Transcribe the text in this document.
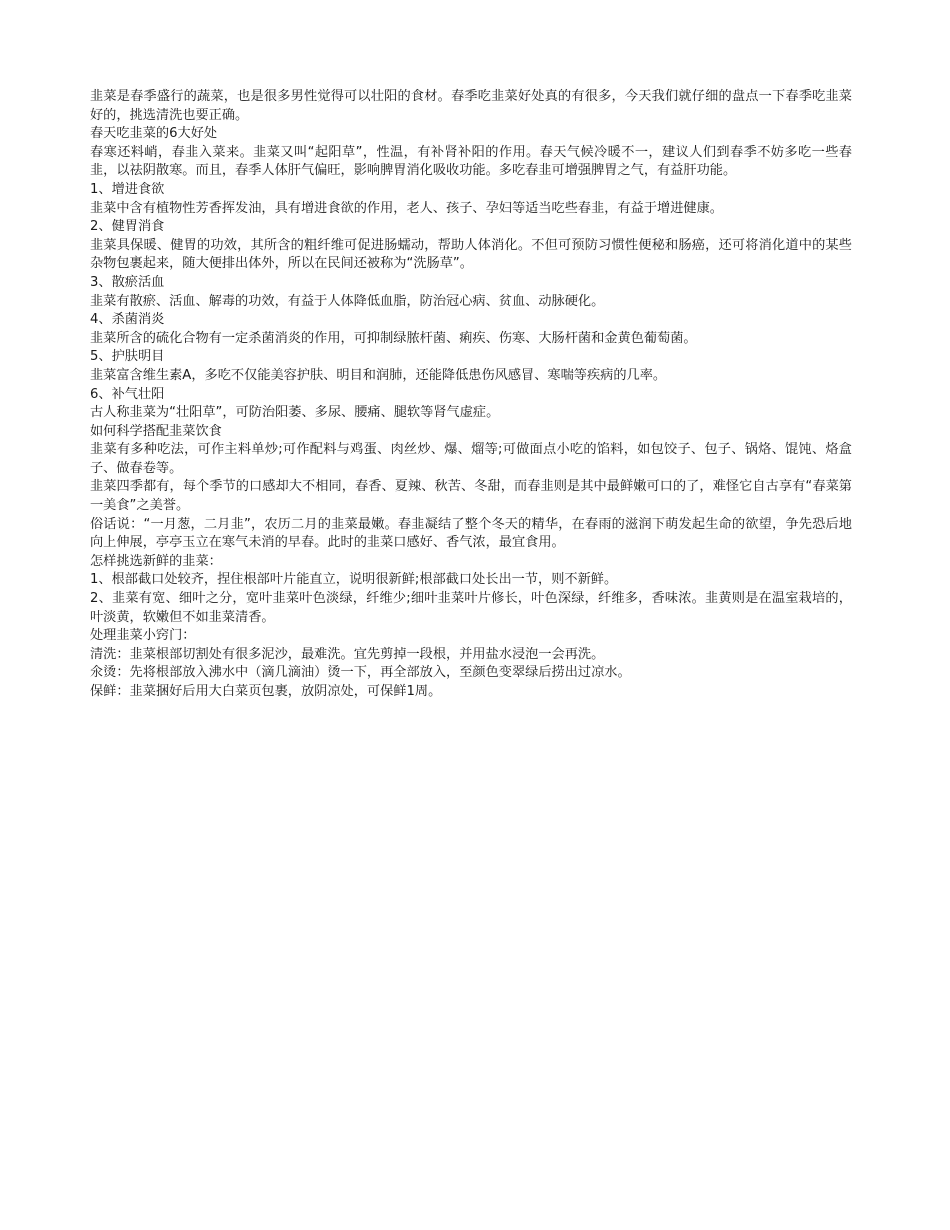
韭菜是春季盛行的蔬菜，也是很多男性觉得可以壮阳的食材。春季吃韭菜好处真的有很多，今天我们就仔细的盘点一下春季吃韭菜好的，挑选清洗也要正确。

春天吃韭菜的6大好处

春寒还料峭，春韭入菜来。韭菜又叫“起阳草”，性温，有补肾补阳的作用。春天气候冷暖不一，建议人们到春季不妨多吃一些春韭，以祛阴散寒。而且，春季人体肝气偏旺，影响脾胃消化吸收功能。多吃春韭可增强脾胃之气，有益肝功能。

1、增进食欲

韭菜中含有植物性芳香挥发油，具有增进食欲的作用，老人、孩子、孕妇等适当吃些春韭，有益于增进健康。

2、健胃消食

韭菜具保暖、健胃的功效，其所含的粗纤维可促进肠蠕动，帮助人体消化。不但可预防习惯性便秘和肠癌，还可将消化道中的某些杂物包裹起来，随大便排出体外，所以在民间还被称为“洗肠草”。

3、散瘀活血

韭菜有散瘀、活血、解毒的功效，有益于人体降低血脂，防治冠心病、贫血、动脉硬化。

4、杀菌消炎

韭菜所含的硫化合物有一定杀菌消炎的作用，可抑制绿脓杆菌、痢疾、伤寒、大肠杆菌和金黄色葡萄菌。

5、护肤明目

韭菜富含维生素A，多吃不仅能美容护肤、明目和润肺，还能降低患伤风感冒、寒喘等疾病的几率。

6、补气壮阳

古人称韭菜为“壮阳草”，可防治阳萎、多尿、腰痛、腿软等肾气虚症。

如何科学搭配韭菜饮食

韭菜有多种吃法，可作主料单炒;可作配料与鸡蛋、肉丝炒、爆、熘等;可做面点小吃的馅料，如包饺子、包子、锅烙、馄饨、烙盒子、做春卷等。

韭菜四季都有，每个季节的口感却大不相同，春香、夏辣、秋苦、冬甜，而春韭则是其中最鲜嫩可口的了，难怪它自古享有“春菜第一美食”之美誉。

俗话说：“一月葱，二月韭”，农历二月的韭菜最嫩。春韭凝结了整个冬天的精华，在春雨的滋润下萌发起生命的欲望，争先恐后地向上伸展，亭亭玉立在寒气未消的早春。此时的韭菜口感好、香气浓，最宜食用。

怎样挑选新鲜的韭菜：

1、根部截口处较齐，捏住根部叶片能直立，说明很新鲜;根部截口处长出一节，则不新鲜。

2、韭菜有宽、细叶之分，宽叶韭菜叶色淡绿，纤维少;细叶韭菜叶片修长，叶色深绿，纤维多，香味浓。韭黄则是在温室栽培的，叶淡黄，软嫩但不如韭菜清香。

处理韭菜小窍门：

清洗：韭菜根部切割处有很多泥沙，最难洗。宜先剪掉一段根，并用盐水浸泡一会再洗。

氽烫：先将根部放入沸水中（滴几滴油）烫一下，再全部放入，至颜色变翠绿后捞出过凉水。

保鲜：韭菜捆好后用大白菜页包裹，放阴凉处，可保鲜1周。
